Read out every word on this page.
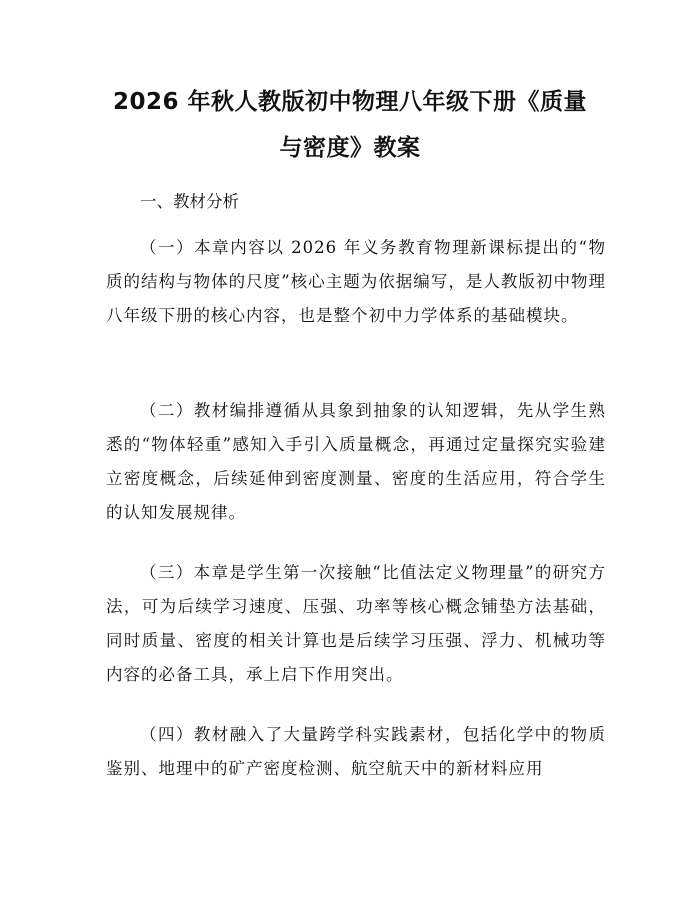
2026 年秋人教版初中物理八年级下册《质量
与密度》教案
一、教材分析

（一）本章内容以 2026 年义务教育物理新课标提出的“物质的结构与物体的尺度”核心主题为依据编写，是人教版初中物理八年级下册的核心内容，也是整个初中力学体系的基础模块。

（二）教材编排遵循从具象到抽象的认知逻辑，先从学生熟悉的“物体轻重”感知入手引入质量概念，再通过定量探究实验建立密度概念，后续延伸到密度测量、密度的生活应用，符合学生的认知发展规律。

（三）本章是学生第一次接触“比值法定义物理量”的研究方法，可为后续学习速度、压强、功率等核心概念铺垫方法基础，同时质量、密度的相关计算也是后续学习压强、浮力、机械功等内容的必备工具，承上启下作用突出。

（四）教材融入了大量跨学科实践素材，包括化学中的物质鉴别、地理中的矿产密度检测、航空航天中的新材料应用
